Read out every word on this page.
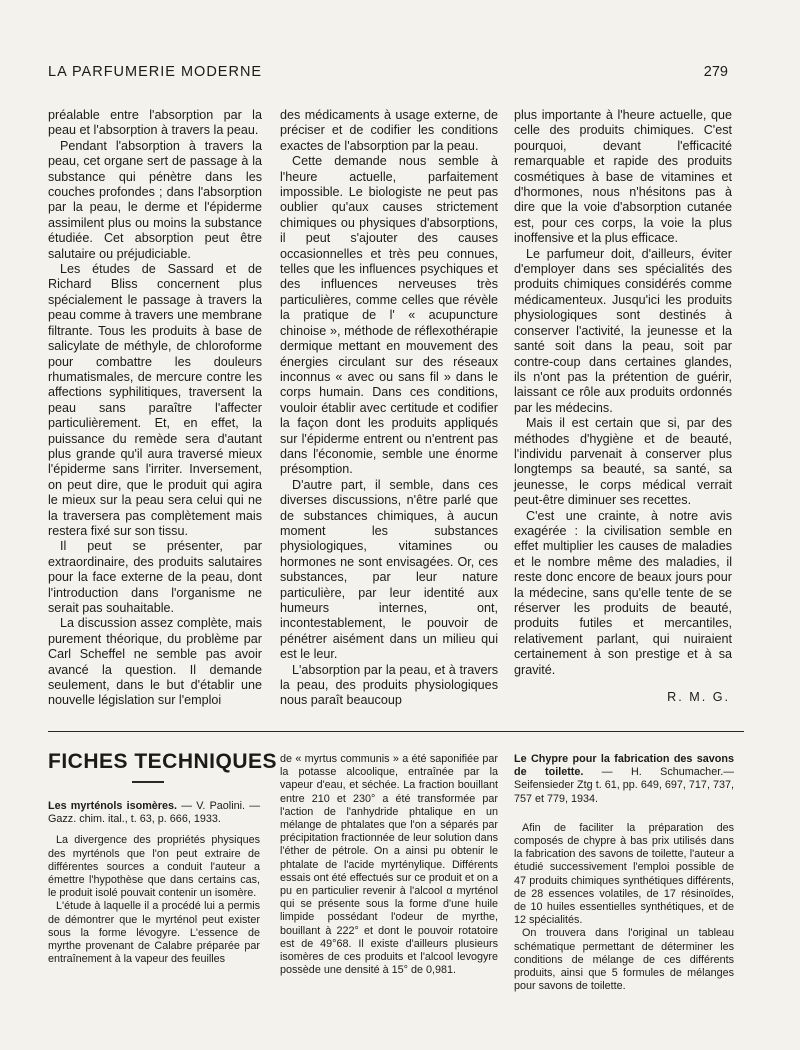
LA PARFUMERIE MODERNE	279

préalable entre l'absorption par la peau et l'absorption à travers la peau.

Pendant l'absorption à travers la peau, cet organe sert de passage à la substance qui pénètre dans les couches profondes ; dans l'absorption par la peau, le derme et l'épiderme assimilent plus ou moins la substance étudiée. Cet absorption peut être salutaire ou préjudiciable.

Les études de Sassard et de Richard Bliss concernent plus spécialement le passage à travers la peau comme à travers une membrane filtrante. Tous les produits à base de salicylate de méthyle, de chloroforme pour combattre les douleurs rhumatismales, de mercure contre les affections syphilitiques, traversent la peau sans paraître l'affecter particulièrement. Et, en effet, la puissance du remède sera d'autant plus grande qu'il aura traversé mieux l'épiderme sans l'irriter. Inversement, on peut dire, que le produit qui agira le mieux sur la peau sera celui qui ne la traversera pas complètement mais restera fixé sur son tissu.

Il peut se présenter, par extraordinaire, des produits salutaires pour la face externe de la peau, dont l'introduction dans l'organisme ne serait pas souhaitable.

La discussion assez complète, mais purement théorique, du problème par Carl Scheffel ne semble pas avoir avancé la question. Il demande seulement, dans le but d'établir une nouvelle législation sur l'emploi

des médicaments à usage externe, de préciser et de codifier les conditions exactes de l'absorption par la peau.

Cette demande nous semble à l'heure actuelle, parfaitement impossible. Le biologiste ne peut pas oublier qu'aux causes strictement chimiques ou physiques d'absorptions, il peut s'ajouter des causes occasionnelles et très peu connues, telles que les influences psychiques et des influences nerveuses très particulières, comme celles que révèle la pratique de l' « acupuncture chinoise », méthode de réflexothérapie dermique mettant en mouvement des énergies circulant sur des réseaux inconnus « avec ou sans fil » dans le corps humain. Dans ces conditions, vouloir établir avec certitude et codifier la façon dont les produits appliqués sur l'épiderme entrent ou n'entrent pas dans l'économie, semble une énorme présomption.

D'autre part, il semble, dans ces diverses discussions, n'être parlé que de substances chimiques, à aucun moment les substances physiologiques, vitamines ou hormones ne sont envisagées. Or, ces substances, par leur nature particulière, par leur identité aux humeurs internes, ont, incontestablement, le pouvoir de pénétrer aisément dans un milieu qui est le leur.

L'absorption par la peau, et à travers la peau, des produits physiologiques nous paraît beaucoup

plus importante à l'heure actuelle, que celle des produits chimiques. C'est pourquoi, devant l'efficacité remarquable et rapide des produits cosmétiques à base de vitamines et d'hormones, nous n'hésitons pas à dire que la voie d'absorption cutanée est, pour ces corps, la voie la plus inoffensive et la plus efficace.

Le parfumeur doit, d'ailleurs, éviter d'employer dans ses spécialités des produits chimiques considérés comme médicamenteux. Jusqu'ici les produits physiologiques sont destinés à conserver l'activité, la jeunesse et la santé soit dans la peau, soit par contre-coup dans certaines glandes, ils n'ont pas la prétention de guérir, laissant ce rôle aux produits ordonnés par les médecins.

Mais il est certain que si, par des méthodes d'hygiène et de beauté, l'individu parvenait à conserver plus longtemps sa beauté, sa santé, sa jeunesse, le corps médical verrait peut-être diminuer ses recettes.

C'est une crainte, à notre avis exagérée : la civilisation semble en effet multiplier les causes de maladies et le nombre même des maladies, il reste donc encore de beaux jours pour la médecine, sans qu'elle tente de se réserver les produits de beauté, produits futiles et mercantiles, relativement parlant, qui nuiraient certainement à son prestige et à sa gravité.

R. M. G.

FICHES TECHNIQUES

Les myrténols isomères. — V. Paolini. — Gazz. chim. ital., t. 63, p. 666, 1933.

La divergence des propriétés physiques des myrténols que l'on peut extraire de différentes sources a conduit l'auteur a émettre l'hypothèse que dans certains cas, le produit isolé pouvait contenir un isomère.

L'étude à laquelle il a procédé lui a permis de démontrer que le myrténol peut exister sous la forme lévogyre. L'essence de myrthe provenant de Calabre préparée par entraînement à la vapeur des feuilles

de « myrtus communis » a été saponifiée par la potasse alcoolique, entraînée par la vapeur d'eau, et séchée. La fraction bouillant entre 210 et 230° a été transformée par l'action de l'anhydride phtalique en un mélange de phtalates que l'on a séparés par précipitation fractionnée de leur solution dans l'éther de pétrole. On a ainsi pu obtenir le phtalate de l'acide myrténylique. Différents essais ont été effectués sur ce produit et on a pu en particulier revenir à l'alcool α myrténol qui se présente sous la forme d'une huile limpide possédant l'odeur de myrthe, bouillant à 222° et dont le pouvoir rotatoire est de 49°68. Il existe d'ailleurs plusieurs isomères de ces produits et l'alcool levogyre possède une densité à 15° de 0,981.

Le Chypre pour la fabrication des savons de toilette. — H. Schumacher.— Seifensieder Ztg t. 61, pp. 649, 697, 717, 737, 757 et 779, 1934.

Afin de faciliter la préparation des composés de chypre à bas prix utilisés dans la fabrication des savons de toilette, l'auteur a étudié successivement l'emploi possible de 47 produits chimiques synthétiques différents, de 28 essences volatiles, de 17 résinoïdes, de 10 huiles essentielles synthétiques, et de 12 spécialités.

On trouvera dans l'original un tableau schématique permettant de déterminer les conditions de mélange de ces différents produits, ainsi que 5 formules de mélanges pour savons de toilette.
